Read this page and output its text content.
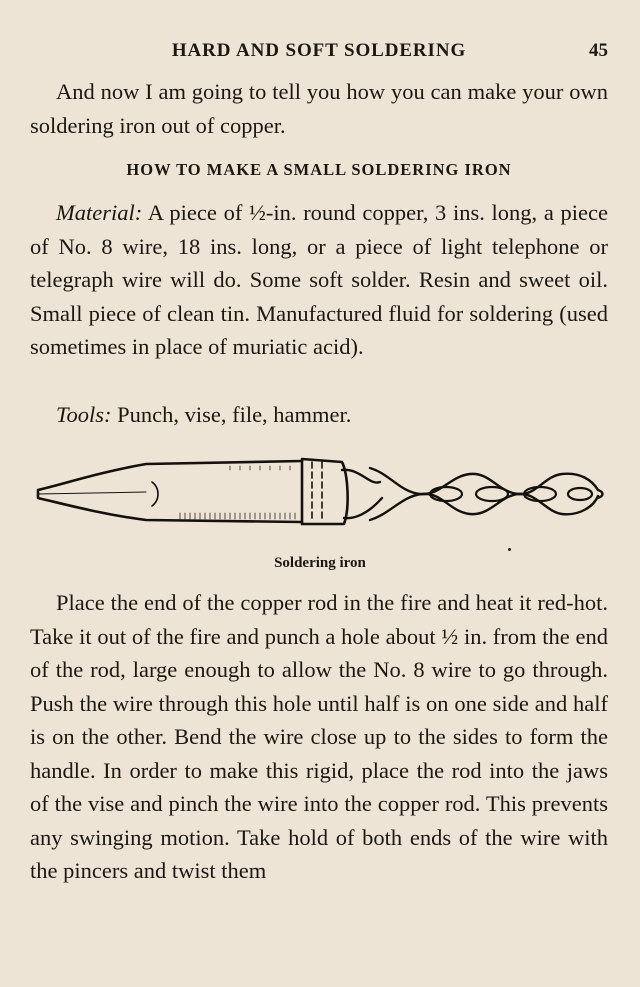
HARD AND SOFT SOLDERING	45

And now I am going to tell you how you can make your own soldering iron out of copper.

HOW TO MAKE A SMALL SOLDERING IRON

Material: A piece of ½-in. round copper, 3 ins. long, a piece of No. 8 wire, 18 ins. long, or a piece of light telephone or telegraph wire will do. Some soft solder. Resin and sweet oil. Small piece of clean tin. Manufactured fluid for soldering (used sometimes in place of muriatic acid).

Tools: Punch, vise, file, hammer.

Soldering iron

Place the end of the copper rod in the fire and heat it red-hot. Take it out of the fire and punch a hole about ½ in. from the end of the rod, large enough to allow the No. 8 wire to go through. Push the wire through this hole until half is on one side and half is on the other. Bend the wire close up to the sides to form the handle. In order to make this rigid, place the rod into the jaws of the vise and pinch the wire into the copper rod. This prevents any swinging motion. Take hold of both ends of the wire with the pincers and twist them
